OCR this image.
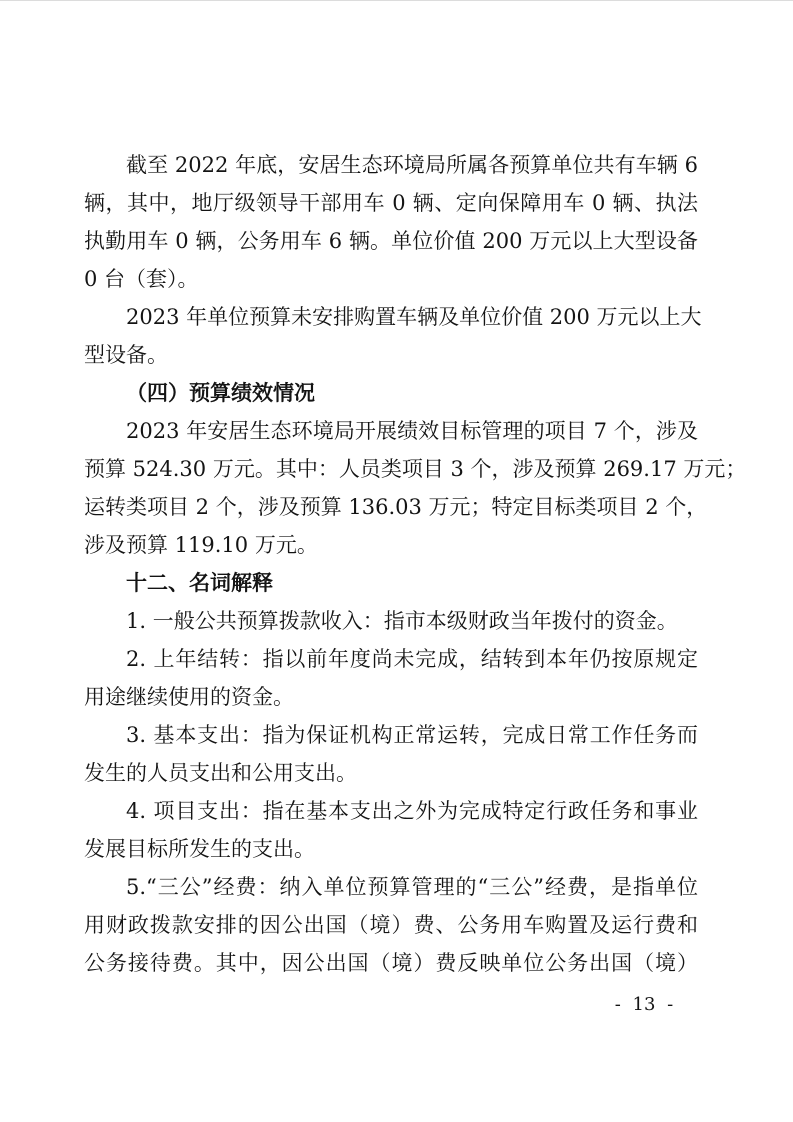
截至 2022 年底，安居生态环境局所属各预算单位共有车辆 6
辆，其中，地厅级领导干部用车 0 辆、定向保障用车 0 辆、执法
执勤用车 0 辆，公务用车 6 辆。单位价值 200 万元以上大型设备
0 台（套）。
2023 年单位预算未安排购置车辆及单位价值 200 万元以上大
型设备。
（四）预算绩效情况
2023 年安居生态环境局开展绩效目标管理的项目 7 个，涉及
预算 524.30 万元。其中：人员类项目 3 个，涉及预算 269.17 万元；
运转类项目 2 个，涉及预算 136.03 万元；特定目标类项目 2 个，
涉及预算 119.10 万元。
十二、名词解释
1. 一般公共预算拨款收入：指市本级财政当年拨付的资金。
2. 上年结转：指以前年度尚未完成，结转到本年仍按原规定
用途继续使用的资金。
3. 基本支出：指为保证机构正常运转，完成日常工作任务而
发生的人员支出和公用支出。
4. 项目支出：指在基本支出之外为完成特定行政任务和事业
发展目标所发生的支出。
5.“三公”经费：纳入单位预算管理的“三公”经费，是指单位
用财政拨款安排的因公出国（境）费、公务用车购置及运行费和
公务接待费。其中，因公出国（境）费反映单位公务出国（境）
- 13 -
